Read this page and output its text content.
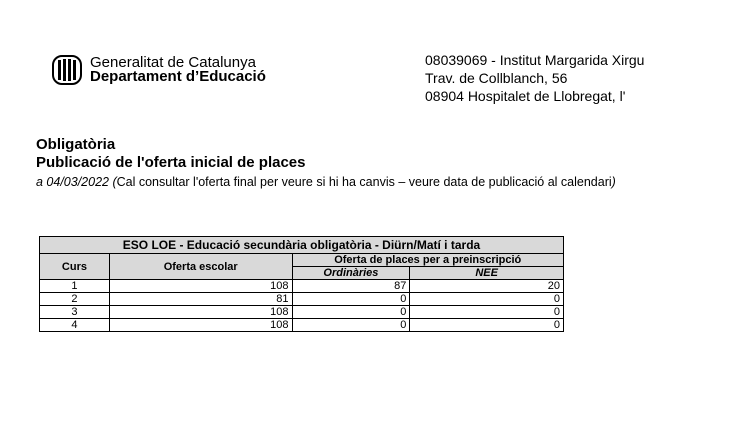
Generalitat de Catalunya
Departament d’Educació
08039069 - Institut Margarida Xirgu
Trav. de Collblanch, 56
08904 Hospitalet de Llobregat, l'
Obligatòria
Publicació de l'oferta inicial de places
a 04/03/2022 (Cal consultar l'oferta final per veure si hi ha canvis – veure data de publicació al calendari)
ESO LOE - Educació secundària obligatòria - Diürn/Matí i tarda			
Curs	Oferta escolar	Oferta de places per a preinscripció	
		Ordinàries	NEE
1	108	87	20
2	81	0	0
3	108	0	0
4	108	0	0
